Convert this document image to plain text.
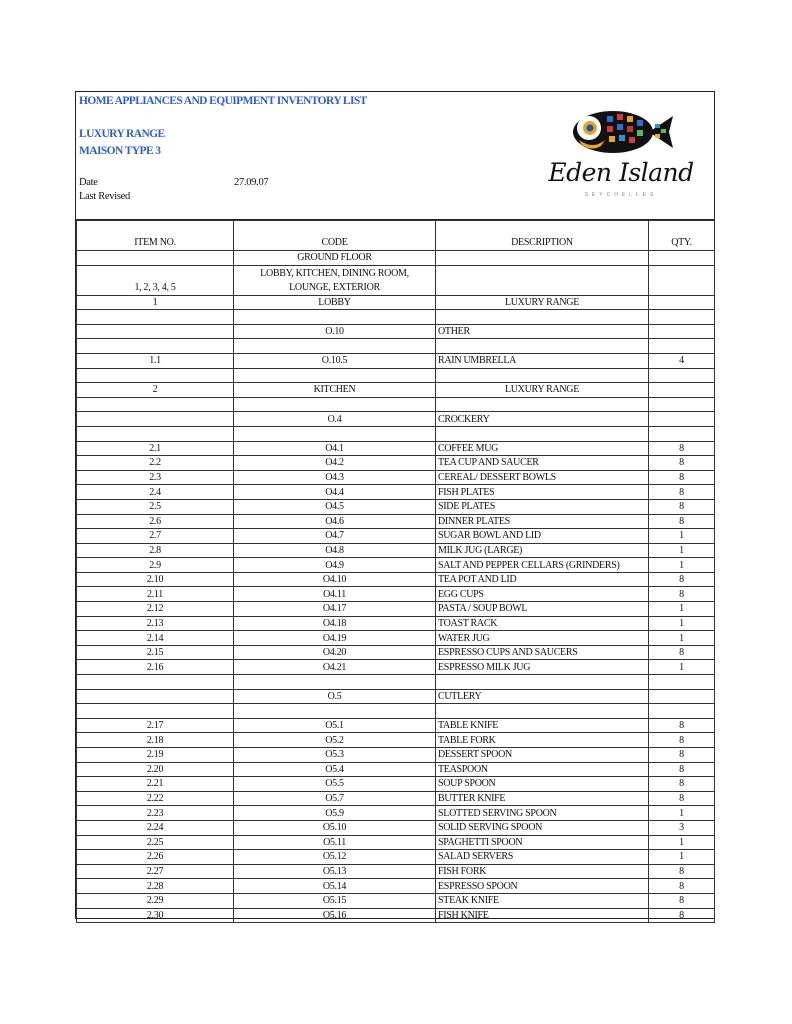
HOME APPLIANCES AND EQUIPMENT INVENTORY LIST
LUXURY RANGE
MAISON TYPE 3
Date	27.09.07
Last Revised
Eden Island
SEYCHELLES
ITEM NO.	CODE	DESCRIPTION	QTY.
	GROUND FLOOR		
1, 2, 3, 4, 5	LOBBY, KITCHEN, DINING ROOM,
LOUNGE, EXTERIOR		
1	LOBBY	LUXURY RANGE	

	O.10	OTHER	

1.1	O.10.5	RAIN UMBRELLA	4

2	KITCHEN	LUXURY RANGE	

	O.4	CROCKERY	

2.1	O4.1	COFFEE MUG	8
2.2	O4.2	TEA CUP AND SAUCER	8
2.3	O4.3	CEREAL/ DESSERT BOWLS	8
2.4	O4.4	FISH PLATES	8
2.5	O4.5	SIDE PLATES	8
2.6	O4.6	DINNER PLATES	8
2.7	O4.7	SUGAR BOWL AND LID	1
2.8	O4.8	MILK JUG (LARGE)	1
2.9	O4.9	SALT AND PEPPER CELLARS (GRINDERS)	1
2.10	O4.10	TEA POT AND LID	8
2.11	O4.11	EGG CUPS	8
2.12	O4.17	PASTA / SOUP BOWL	1
2.13	O4.18	TOAST RACK	1
2.14	O4.19	WATER JUG	1
2.15	O4.20	ESPRESSO CUPS AND SAUCERS	8
2.16	O4.21	ESPRESSO MILK JUG	1

	O.5	CUTLERY	

2.17	O5.1	TABLE KNIFE	8
2.18	O5.2	TABLE FORK	8
2.19	O5.3	DESSERT SPOON	8
2.20	O5.4	TEASPOON	8
2.21	O5.5	SOUP SPOON	8
2.22	O5.7	BUTTER KNIFE	8
2.23	O5.9	SLOTTED SERVING SPOON	1
2.24	O5.10	SOLID SERVING SPOON	3
2.25	O5.11	SPAGHETTI SPOON	1
2.26	O5.12	SALAD SERVERS	1
2.27	O5.13	FISH FORK	8
2.28	O5.14	ESPRESSO SPOON	8
2.29	O5.15	STEAK KNIFE	8
2.30	O5.16	FISH KNIFE	8
